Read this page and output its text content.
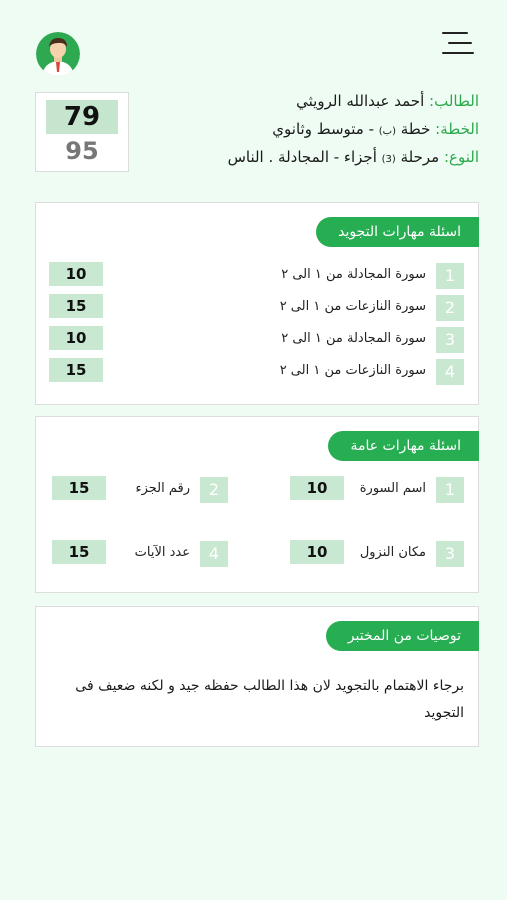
79
95
الطالب: أحمد عبدالله الرويثي
الخطة: خطة (ب) - متوسط وثانوي
النوع: مرحلة (3) أجزاء - المجادلة . الناس
اسئلة مهارات التجويد
1
سورة المجادلة من ١ الى ٢
10
2
سورة النازعات من ١ الى ٢
15
3
سورة المجادلة من ١ الى ٢
10
4
سورة النازعات من ١ الى ٢
15
اسئلة مهارات عامة
1
اسم السورة
10
2
رقم الجزء
15
3
مكان النزول
10
4
عدد الآيات
15
توصيات من المختبر
برجاء الاهتمام بالتجويد لان هذا الطالب حفظه جيد و لكنه ضعيف فى التجويد
